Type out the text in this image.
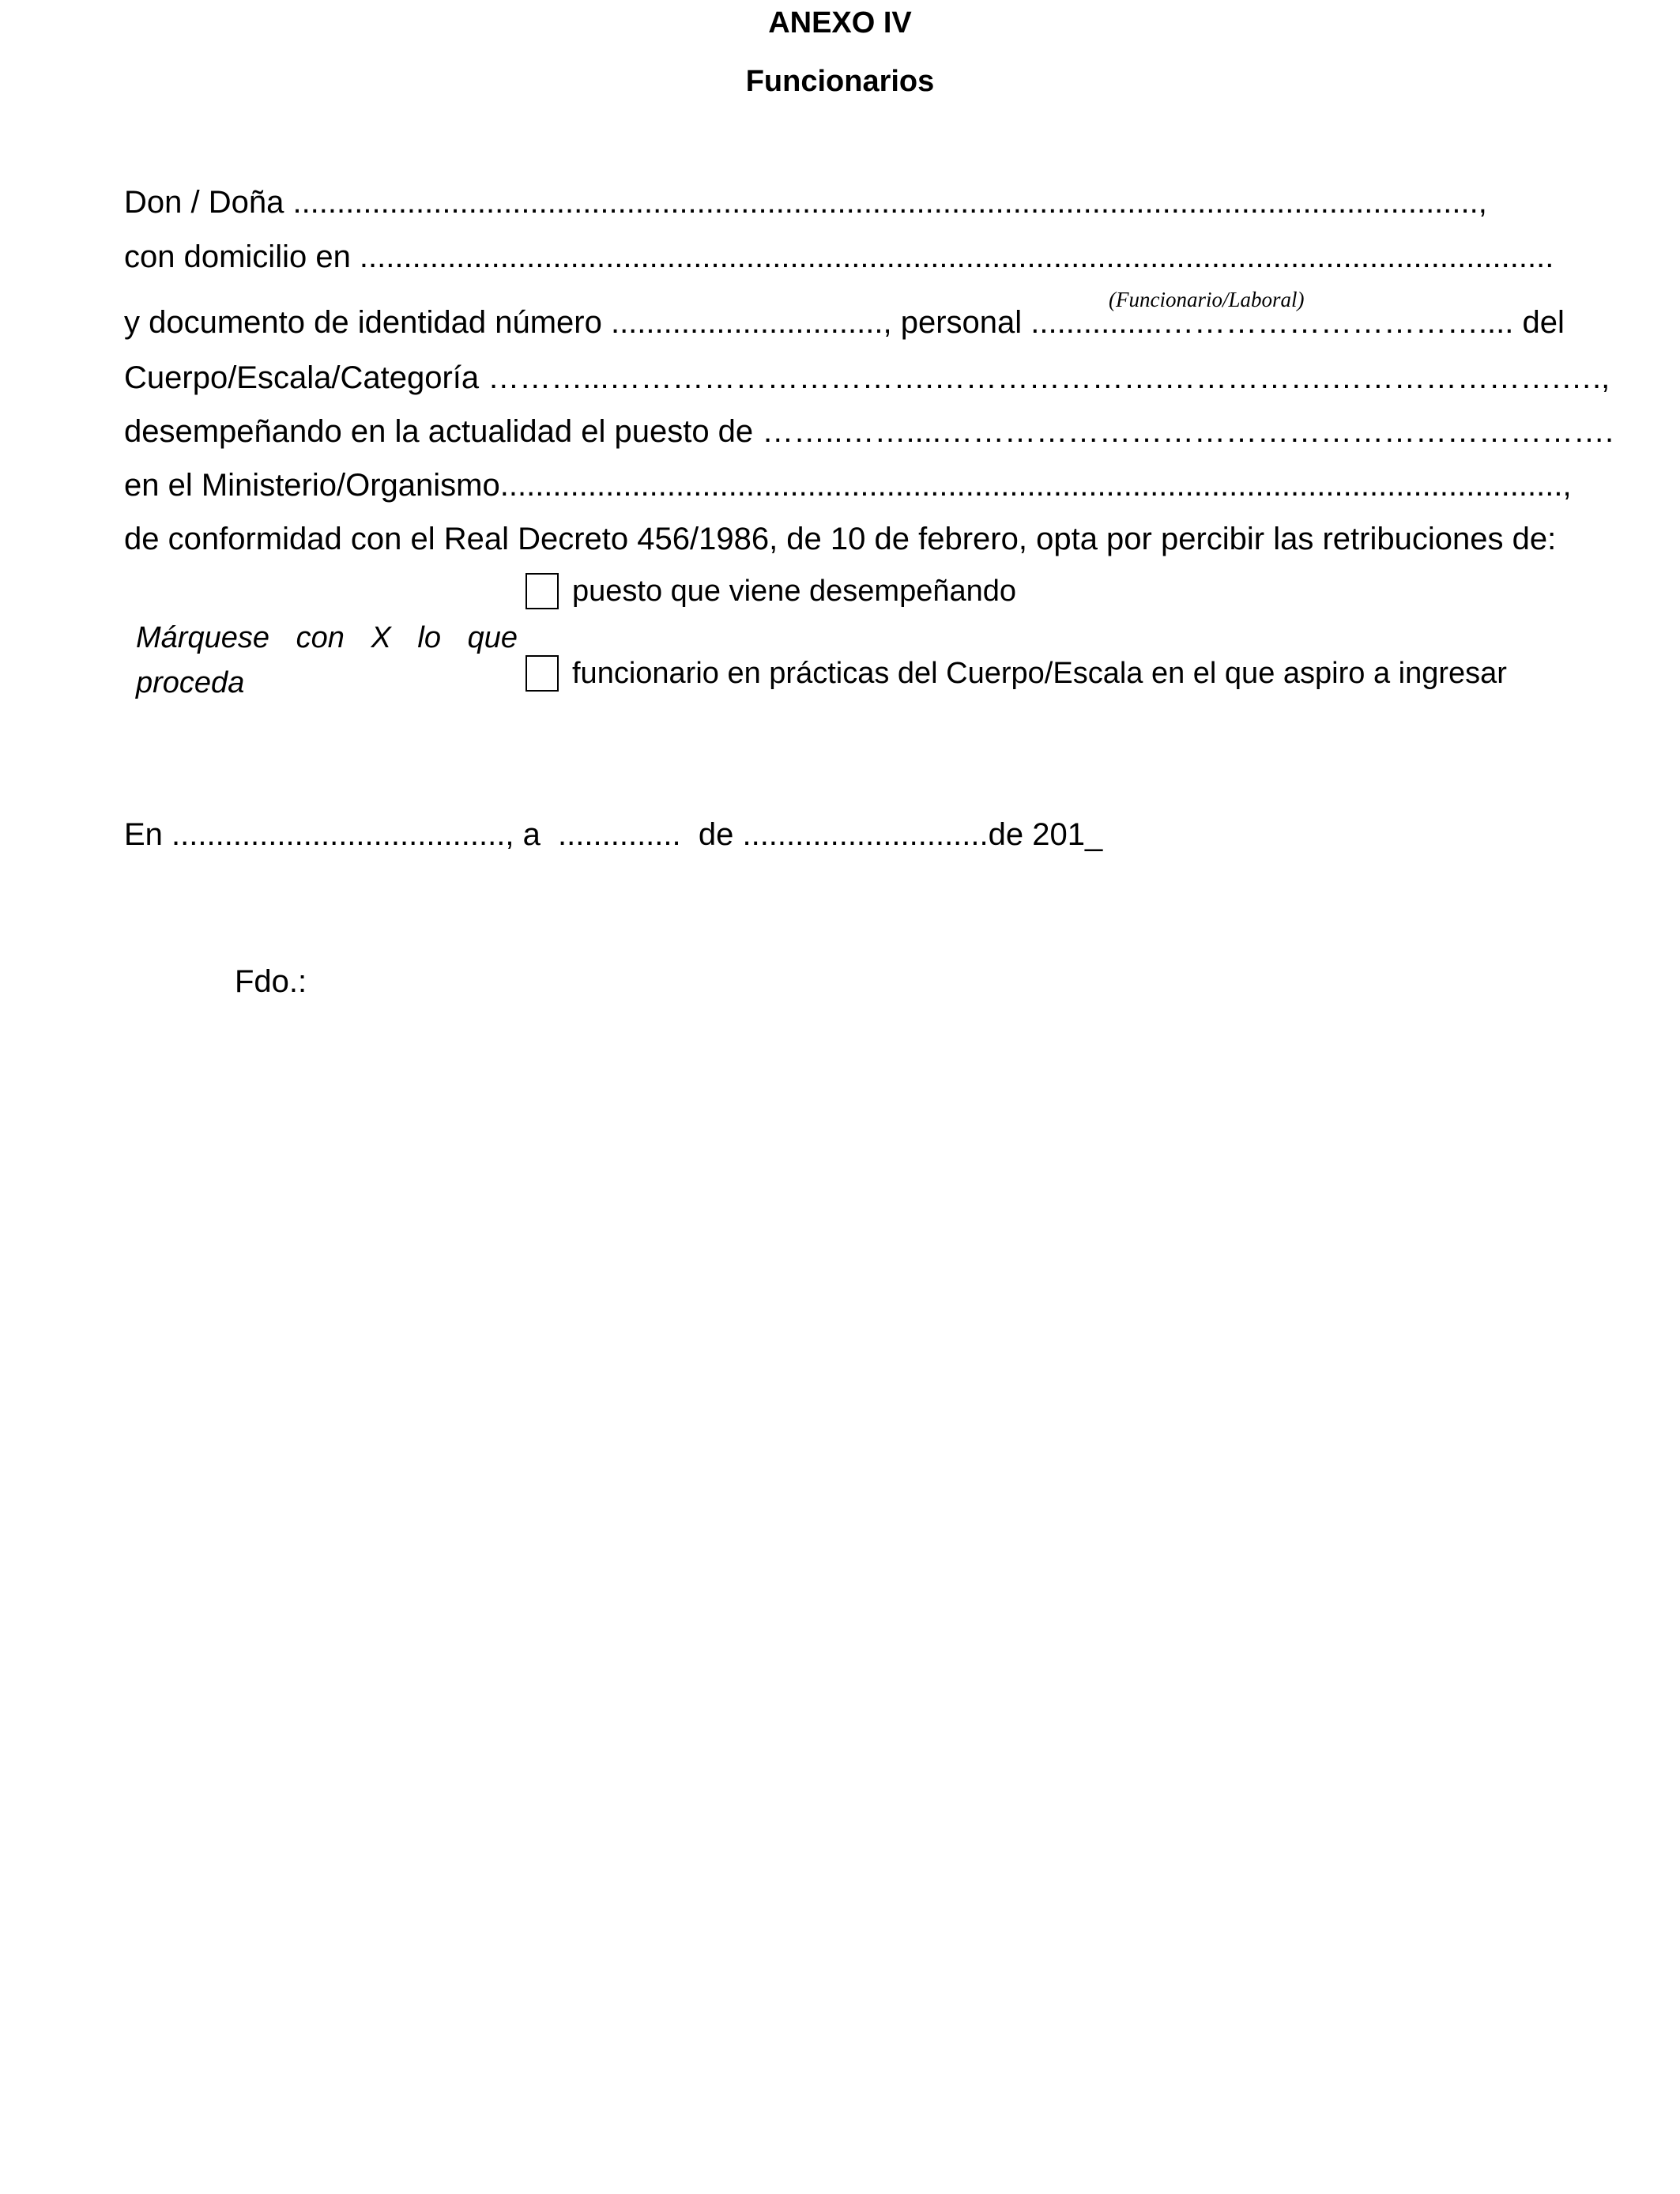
ANEXO IV
Funcionarios
Don / Doña .......................................................................................................................................,
con domicilio en ........................................................................................................................................
(Funcionario/Laboral)
y documento de identidad número ..............................., personal ...............………………………….... del
Cuerpo/Escala/Categoría ………...………………………….………………….…………….………………….….,
desempeñando en la actualidad el puesto de ……..……....……………………………………………………….
en el Ministerio/Organismo.........................................................................................................................,
de conformidad con el Real Decreto 456/1986, de 10 de febrero, opta por percibir las retribuciones de:
Márquese con X lo que
proceda
puesto que viene desempeñando
funcionario en prácticas del Cuerpo/Escala en el que aspiro a ingresar
En ......................................, a  ..............  de ............................de 201_
Fdo.:
